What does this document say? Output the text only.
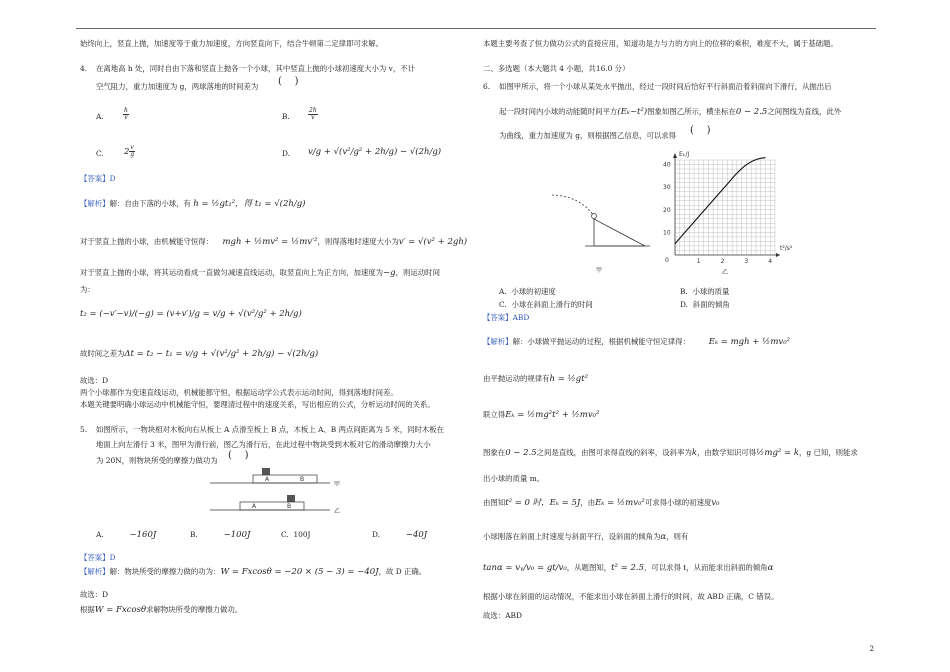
始终向上，竖直上抛，加速度等于重力加速度，方向竖直向下，结合牛顿第二定律即可求解。
4. 在离地高 h 处，同时自由下落和竖直上抛各一个小球，其中竖直上抛的小球初速度大小为 v，不计
空气阻力，重力加速度为 g，两球落地的时间差为 (    )
A.	$\frac{h}{v}$	B.	$\frac{2h}{v}$
C. $2 \frac{v}{g}$	D. v/g + √(v²/g² + 2h/g) − √(2h/g)
【答案】D
【解析】解：自由下落的小球，有 h = ½gt₁²，得 t₁ = √(2h/g)
对于竖直上抛的小球，由机械能守恒得： mgh + ½mv² = ½mv′²，则得落地时速度大小为v′ = √(v² + 2gh)
对于竖直上抛的小球，将其运动看成一直做匀减速直线运动，取竖直向上为正方向，加速度为−g，则运动时间
为：
t₂ = (−v′−v)/(−g) = (v+v′)/g = v/g + √(v²/g² + 2h/g)
故时间之差为Δt = t₂ − t₁ = v/g + √(v²/g² + 2h/g) − √(2h/g)
故选：D
两个小球都作为变速直线运动，机械能都守恒，根据运动学公式表示运动时间，得到落地时间差。
本题关键要明确小球运动中机械能守恒，要理清过程中的速度关系，写出相应的公式，分析运动时间的关系。
5. 如图所示，一物块相对木板向右从板上 A 点滑至板上 B 点，木板上 A、B 两点间距离为 5 米，同时木板在
地面上向左滑行 3 米，图甲为滑行前，图乙为滑行后，在此过程中物块受到木板对它的滑动摩擦力大小
为 20N，则物块所受的摩擦力做功为 (    )
A	B
甲
A	B
乙
甲
A.	−160J	B.	−100J	C. 100J	D.	−40J
【答案】D
【解析】解：物块所受的摩擦力做的功为：W = Fxcosθ = −20 × (5 − 3) = −40J，故 D 正确。
故选：D
根据W = Fxcosθ求解物块所受的摩擦力做功。
本题主要考查了恒力做功公式的直接应用，知道功是力与力的方向上的位移的乘积，难度不大，属于基础题。
二、多选题（本大题共 4 小题，共16.0 分）
6. 如图甲所示，将一个小球从某处水平抛出，经过一段时间后恰好平行斜面沿着斜面向下滑行，从抛出后
起一段时间内小球的动能随时间平方(Eₖ~t²)图象如图乙所示，横坐标在0 − 2.5之间图线为直线，此外
为曲线，重力加速度为 g，则根据图乙信息，可以求得 (    )
10
20
30
40
1	2	3	4
Eₖ/J
t²/s²
0
乙
A. 小球的初速度	B. 小球的质量
C. 小球在斜面上滑行的时间	D. 斜面的倾角
【答案】ABD
【解析】解：小球做平抛运动的过程，根据机械能守恒定律得： Eₖ = mgh + ½mv₀²
由平抛运动的规律有h = ½gt²
联立得Eₖ = ½mg²t² + ½mv₀²
图象在0 − 2.5之间是直线，由图可求得直线的斜率，设斜率为k，由数学知识可得½mg² = k，g 已知，则能求
出小球的质量 m。
由图知t² = 0 时，Eₖ = 5J，由Eₖ = ½mv₀²可求得小球的初速度v₀
小球刚落在斜面上时速度与斜面平行，设斜面的倾角为α，则有
tanα = vᵧ/v₀ = gt/v₀，从题图知，t² = 2.5，可以求得 t，从而能求出斜面的倾角α
根据小球在斜面的运动情况，不能求出小球在斜面上滑行的时间，故 ABD 正确，C 错误。
故选：ABD
2
